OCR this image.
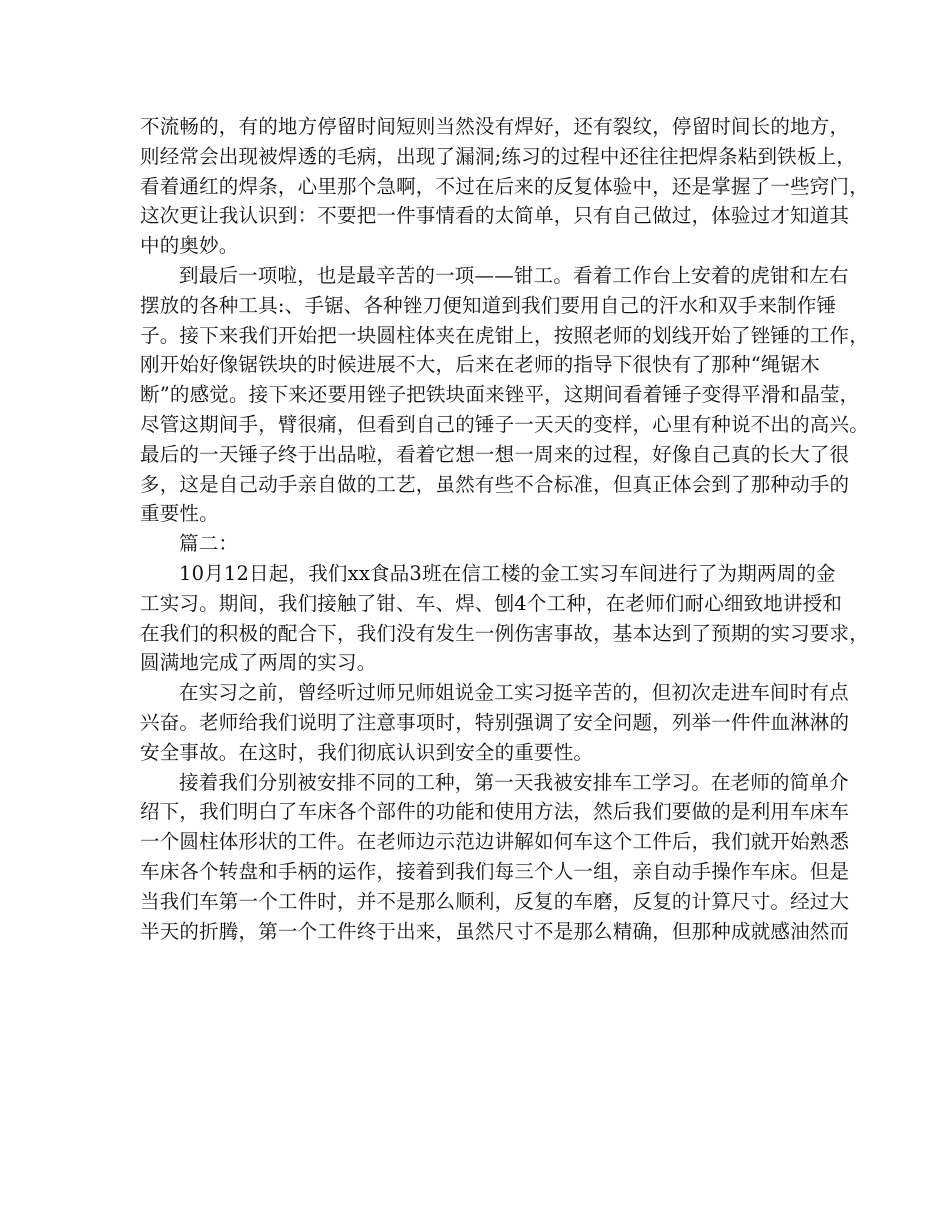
不流畅的，有的地方停留时间短则当然没有焊好，还有裂纹，停留时间长的地方，
则经常会出现被焊透的毛病，出现了漏洞;练习的过程中还往往把焊条粘到铁板上，
看着通红的焊条，心里那个急啊，不过在后来的反复体验中，还是掌握了一些窍门，
这次更让我认识到：不要把一件事情看的太简单，只有自己做过，体验过才知道其
中的奥妙。
到最后一项啦，也是最辛苦的一项——钳工。看着工作台上安着的虎钳和左右
摆放的各种工具:、手锯、各种锉刀便知道到我们要用自己的汗水和双手来制作锤
子。接下来我们开始把一块圆柱体夹在虎钳上，按照老师的划线开始了锉锤的工作，
刚开始好像锯铁块的时候进展不大，后来在老师的指导下很快有了那种“绳锯木
断”的感觉。接下来还要用锉子把铁块面来锉平，这期间看着锤子变得平滑和晶莹，
尽管这期间手，臂很痛，但看到自己的锤子一天天的变样，心里有种说不出的高兴。
最后的一天锤子终于出品啦，看着它想一想一周来的过程，好像自己真的长大了很
多，这是自己动手亲自做的工艺，虽然有些不合标准，但真正体会到了那种动手的
重要性。
篇二：
10月12日起，我们xx食品3班在信工楼的金工实习车间进行了为期两周的金
工实习。期间，我们接触了钳、车、焊、刨4个工种，在老师们耐心细致地讲授和
在我们的积极的配合下，我们没有发生一例伤害事故，基本达到了预期的实习要求，
圆满地完成了两周的实习。
在实习之前，曾经听过师兄师姐说金工实习挺辛苦的，但初次走进车间时有点
兴奋。老师给我们说明了注意事项时，特别强调了安全问题，列举一件件血淋淋的
安全事故。在这时，我们彻底认识到安全的重要性。
接着我们分别被安排不同的工种，第一天我被安排车工学习。在老师的简单介
绍下，我们明白了车床各个部件的功能和使用方法，然后我们要做的是利用车床车
一个圆柱体形状的工件。在老师边示范边讲解如何车这个工件后，我们就开始熟悉
车床各个转盘和手柄的运作，接着到我们每三个人一组，亲自动手操作车床。但是
当我们车第一个工件时，并不是那么顺利，反复的车磨，反复的计算尺寸。经过大
半天的折腾，第一个工件终于出来，虽然尺寸不是那么精确，但那种成就感油然而
